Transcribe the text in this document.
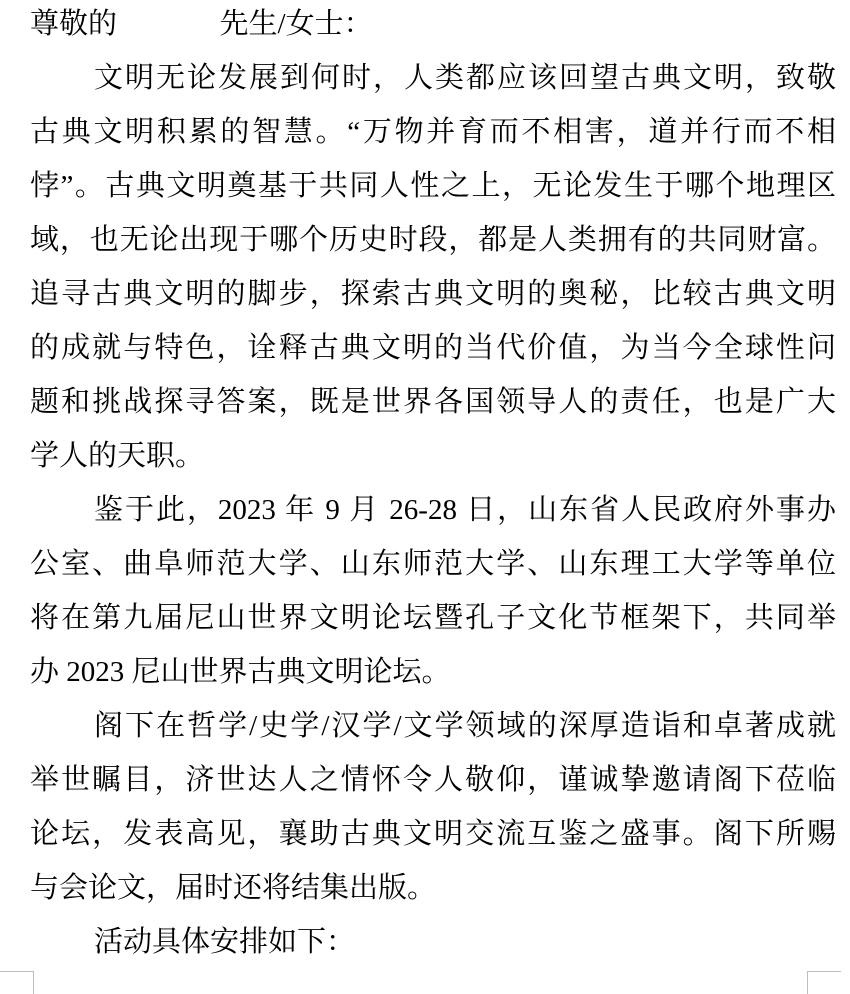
尊敬的	先生/女士：
文明无论发展到何时，人类都应该回望古典文明，致敬
古典文明积累的智慧。“万物并育而不相害，道并行而不相
悖”。古典文明奠基于共同人性之上，无论发生于哪个地理区
域，也无论出现于哪个历史时段，都是人类拥有的共同财富。
追寻古典文明的脚步，探索古典文明的奥秘，比较古典文明
的成就与特色，诠释古典文明的当代价值，为当今全球性问
题和挑战探寻答案，既是世界各国领导人的责任，也是广大
学人的天职。
鉴于此，2023 年 9 月 26-28 日，山东省人民政府外事办
公室、曲阜师范大学、山东师范大学、山东理工大学等单位
将在第九届尼山世界文明论坛暨孔子文化节框架下，共同举
办 2023 尼山世界古典文明论坛。
阁下在哲学/史学/汉学/文学领域的深厚造诣和卓著成就
举世瞩目，济世达人之情怀令人敬仰，谨诚挚邀请阁下莅临
论坛，发表高见，襄助古典文明交流互鉴之盛事。阁下所赐
与会论文，届时还将结集出版。
活动具体安排如下：
